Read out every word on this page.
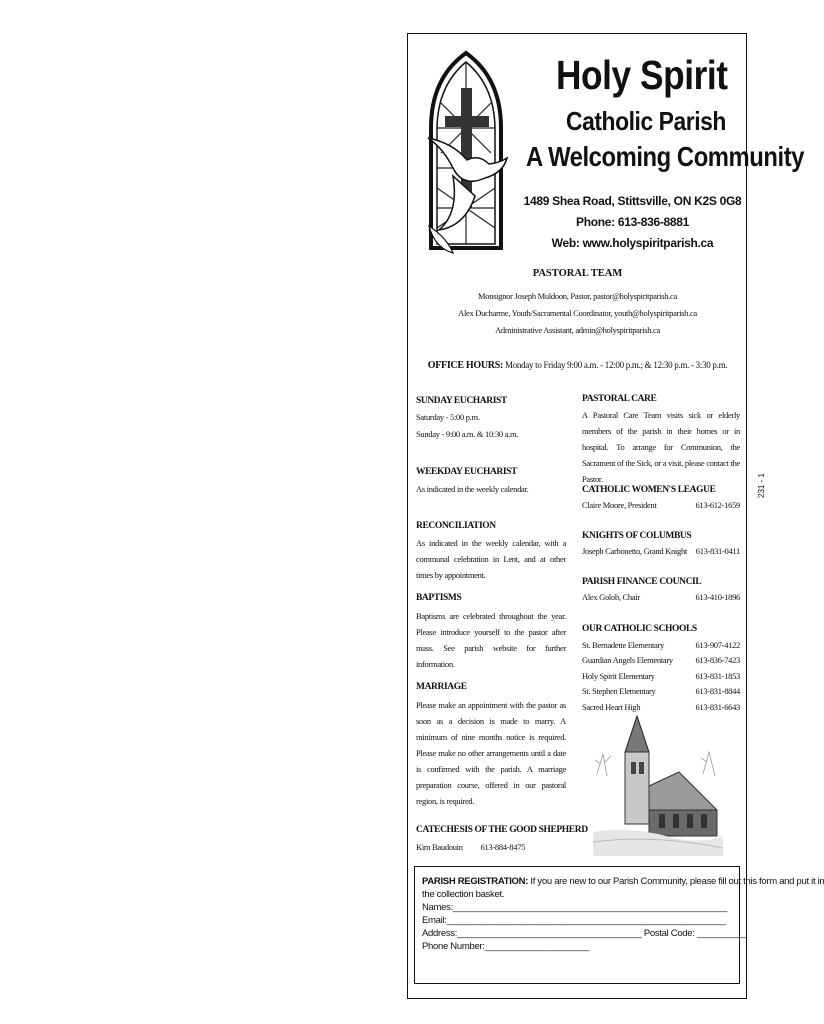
Holy Spirit
Catholic Parish
A Welcoming Community
1489 Shea Road, Stittsville, ON K2S 0G8
Phone: 613-836-8881
Web: www.holyspiritparish.ca
PASTORAL TEAM
Monsignor Joseph Muldoon, Pastor, pastor@holyspiritparish.ca
Alex Ducharme, Youth/Sacramental Coordinator, youth@holyspiritparish.ca
Administrative Assistant, admin@holyspiritparish.ca
OFFICE HOURS: Monday to Friday 9:00 a.m. - 12:00 p.m.; & 12:30 p.m. - 3:30 p.m.
SUNDAY EUCHARIST
Saturday - 5:00 p.m.
Sunday - 9:00 a.m. & 10:30 a.m.
WEEKDAY EUCHARIST
As indicated in the weekly calendar.
RECONCILIATION
As indicated in the weekly calendar, with a communal celebration in Lent, and at other times by appointment.
BAPTISMS
Baptisms are celebrated throughout the year. Please introduce yourself to the pastor after mass. See parish website for further information.
MARRIAGE
Please make an appointment with the pastor as soon as a decision is made to marry. A minimum of nine months notice is required. Please make no other arrangements until a date is confirmed with the parish. A marriage preparation course, offered in our pastoral region, is required.
CATECHESIS OF THE GOOD SHEPHERD
Kim Baudouin 613-884-8475
PASTORAL CARE
A Pastoral Care Team visits sick or elderly members of the parish in their homes or in hospital. To arrange for Communion, the Sacrament of the Sick, or a visit, please contact the Pastor.
CATHOLIC WOMEN'S LEAGUE
Claire Moore, President	613-612-1659
KNIGHTS OF COLUMBUS
Joseph Carbonetto, Grand Knight 613-831-0411
PARISH FINANCE COUNCIL
Alex Golob, Chair	613-410-1896
OUR CATHOLIC SCHOOLS
St. Bernadette Elementary	613-907-4122
Guardian Angels Elementary	613-836-7423
Holy Spirit Elementary	613-831-1853
St. Stephen Elementary	613-831-8844
Sacred Heart High	613-831-6643
PARISH REGISTRATION: If you are new to our Parish Community, please fill out this form and put it in
the collection basket.
Names:_______________________________________________________
Email:________________________________________________________
Address:_____________________________________ Postal Code: __________
Phone Number:_____________________
231 - 1
